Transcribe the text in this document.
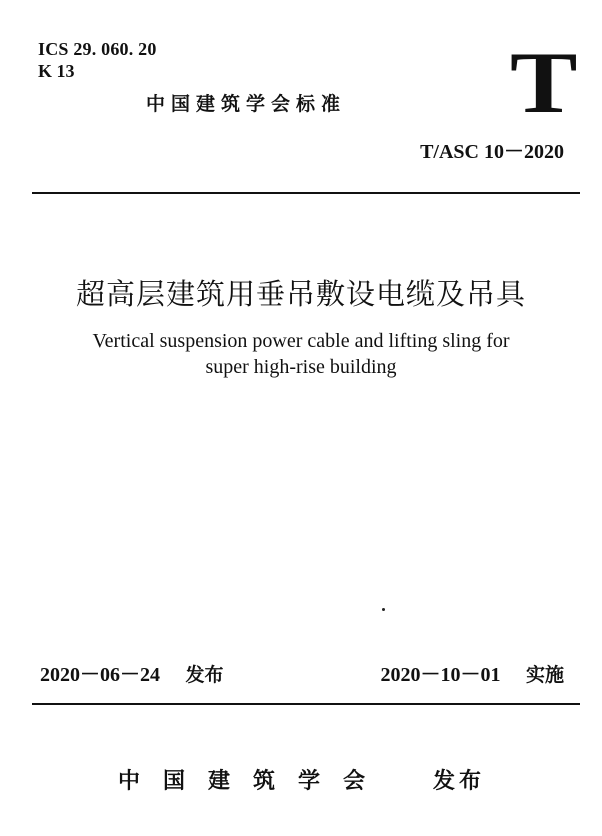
ICS 29. 060. 20
K 13
中国建筑学会标准 T
T/ASC 10－2020
超高层建筑用垂吊敷设电缆及吊具
Vertical suspension power cable and lifting sling for
super high-rise building
2020－06－24 发布	2020－10－01 实施
中国建筑学会 发布
